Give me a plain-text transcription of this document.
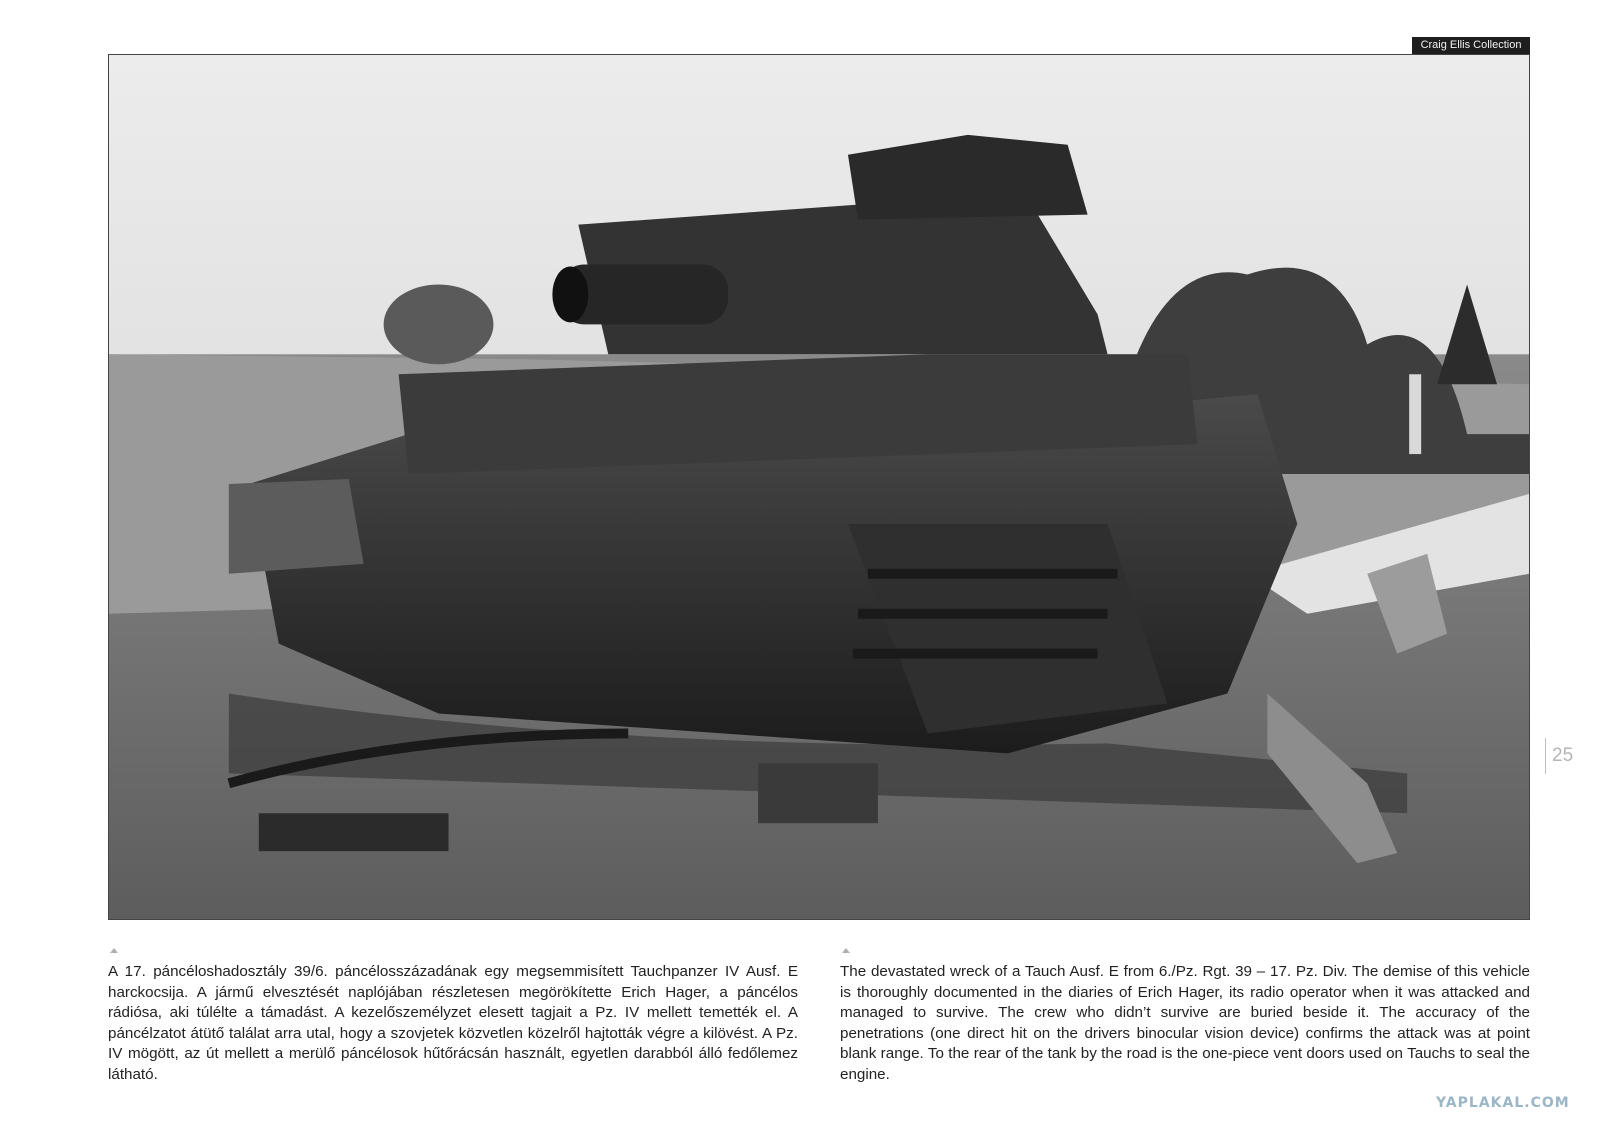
Craig Ellis Collection
25
A 17. páncéloshadosztály 39/6. páncélosszázadának egy megsemmisített Tauchpanzer IV Ausf. E harckocsija. A jármű elvesztését naplójában részletesen megörökítette Erich Hager, a páncélos rádiósa, aki túlélte a támadást. A kezelőszemélyzet elesett tagjait a Pz. IV mellett temették el. A páncélzatot átütő találat arra utal, hogy a szovjetek közvetlen közelről hajtották végre a kilövést. A Pz. IV mögött, az út mellett a merülő páncélosok hűtőrácsán használt, egyetlen darabból álló fedőlemez látható.
The devastated wreck of a Tauch Ausf. E from 6./Pz. Rgt. 39 – 17. Pz. Div. The demise of this vehicle is thoroughly documented in the diaries of Erich Hager, its radio operator when it was attacked and managed to survive. The crew who didn’t survive are buried beside it. The accuracy of the penetrations (one direct hit on the drivers binocular vision device) confirms the attack was at point blank range. To the rear of the tank by the road is the one-piece vent doors used on Tauchs to seal the engine.
YAPLAKAL.COM
